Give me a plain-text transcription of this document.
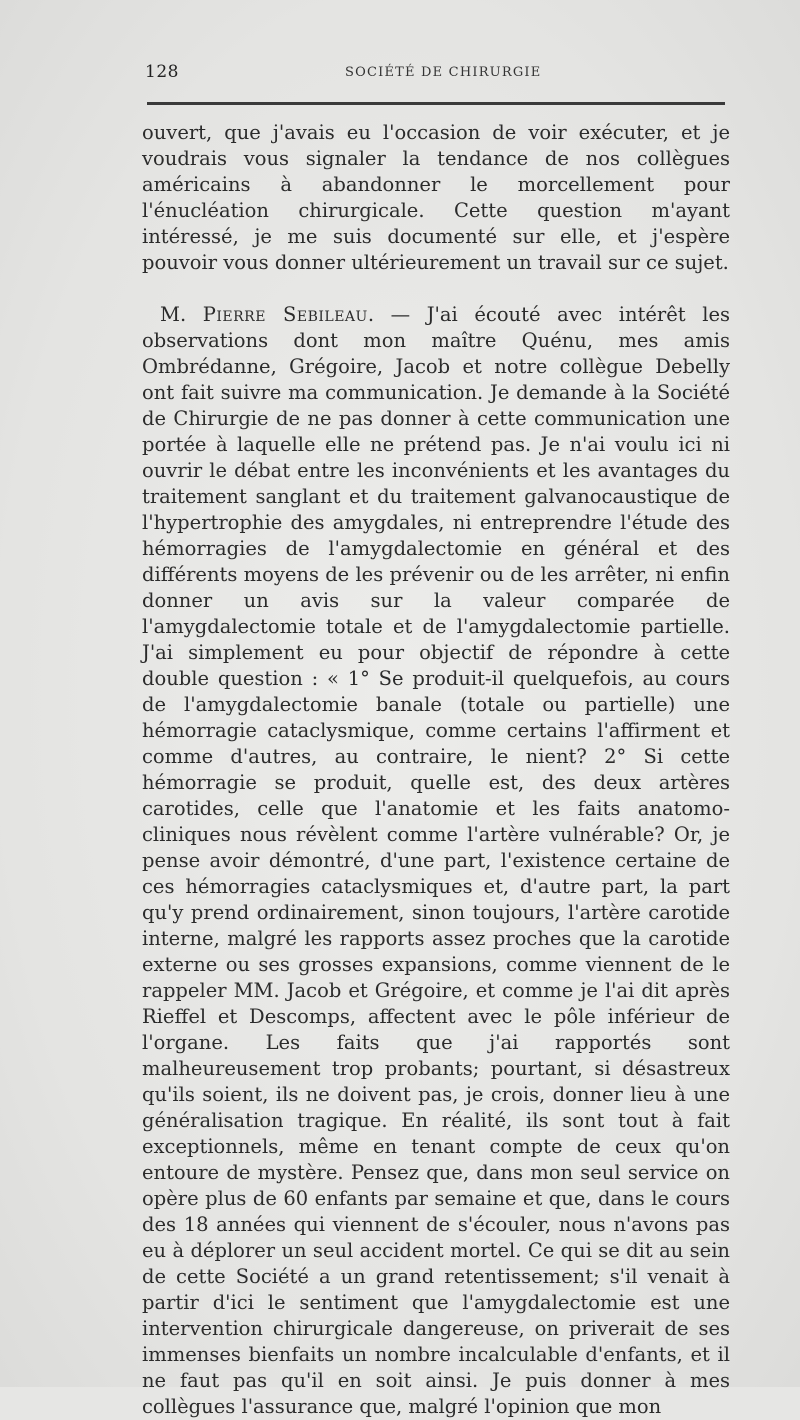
128	SOCIÉTÉ DE CHIRURGIE

ouvert, que j'avais eu l'occasion de voir exécuter, et je voudrais vous signaler la tendance de nos collègues américains à abandonner le morcellement pour l'énucléation chirurgicale. Cette question m'ayant intéressé, je me suis documenté sur elle, et j'espère pouvoir vous donner ultérieurement un travail sur ce sujet.

M. Pierre Sebileau. — J'ai écouté avec intérêt les observations dont mon maître Quénu, mes amis Ombrédanne, Grégoire, Jacob et notre collègue Debelly ont fait suivre ma communication. Je demande à la Société de Chirurgie de ne pas donner à cette communication une portée à laquelle elle ne prétend pas. Je n'ai voulu ici ni ouvrir le débat entre les inconvénients et les avantages du traitement sanglant et du traitement galvanocaustique de l'hypertrophie des amygdales, ni entreprendre l'étude des hémorragies de l'amygdalectomie en général et des différents moyens de les prévenir ou de les arrêter, ni enfin donner un avis sur la valeur comparée de l'amygdalectomie totale et de l'amygdalectomie partielle. J'ai simplement eu pour objectif de répondre à cette double question : « 1° Se produit-il quelquefois, au cours de l'amygdalectomie banale (totale ou partielle) une hémorragie cataclysmique, comme certains l'affirment et comme d'autres, au contraire, le nient? 2° Si cette hémorragie se produit, quelle est, des deux artères carotides, celle que l'anatomie et les faits anatomo-cliniques nous révèlent comme l'artère vulnérable? Or, je pense avoir démontré, d'une part, l'existence certaine de ces hémorragies cataclysmiques et, d'autre part, la part qu'y prend ordinairement, sinon toujours, l'artère carotide interne, malgré les rapports assez proches que la carotide externe ou ses grosses expansions, comme viennent de le rappeler MM. Jacob et Grégoire, et comme je l'ai dit après Rieffel et Descomps, affectent avec le pôle inférieur de l'organe. Les faits que j'ai rapportés sont malheureusement trop probants; pourtant, si désastreux qu'ils soient, ils ne doivent pas, je crois, donner lieu à une généralisation tragique. En réalité, ils sont tout à fait exceptionnels, même en tenant compte de ceux qu'on entoure de mystère. Pensez que, dans mon seul service on opère plus de 60 enfants par semaine et que, dans le cours des 18 années qui viennent de s'écouler, nous n'avons pas eu à déplorer un seul accident mortel. Ce qui se dit au sein de cette Société a un grand retentissement; s'il venait à partir d'ici le sentiment que l'amygdalectomie est une intervention chirurgicale dangereuse, on priverait de ses immenses bienfaits un nombre incalculable d'enfants, et il ne faut pas qu'il en soit ainsi. Je puis donner à mes collègues l'assurance que, malgré l'opinion que mon
